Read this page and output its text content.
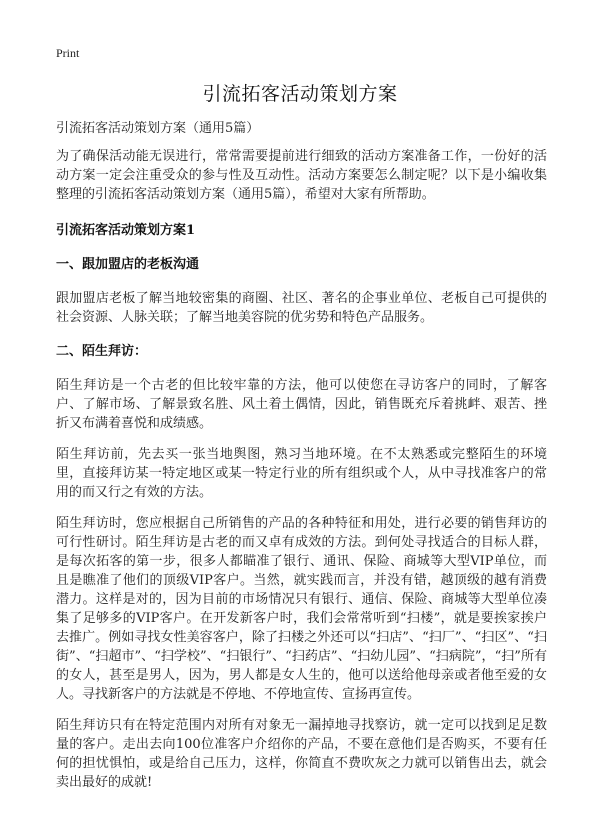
Print
引流拓客活动策划方案

引流拓客活动策划方案（通用5篇）

为了确保活动能无误进行，常常需要提前进行细致的活动方案准备工作，一份好的活动方案一定会注重受众的参与性及互动性。活动方案要怎么制定呢？以下是小编收集整理的引流拓客活动策划方案（通用5篇），希望对大家有所帮助。

引流拓客活动策划方案1
一、跟加盟店的老板沟通

跟加盟店老板了解当地较密集的商圈、社区、著名的企事业单位、老板自己可提供的社会资源、人脉关联；了解当地美容院的优劣势和特色产品服务。

二、陌生拜访：

陌生拜访是一个古老的但比较牢靠的方法，他可以使您在寻访客户的同时，了解客户、了解市场、了解景致名胜、风土着土偶情，因此，销售既充斥着挑衅、艰苦、挫折又布满着喜悦和成绩感。

陌生拜访前，先去买一张当地舆图，熟习当地环境。在不太熟悉或完整陌生的环境里，直接拜访某一特定地区或某一特定行业的所有组织或个人，从中寻找准客户的常用的而又行之有效的方法。

陌生拜访时，您应根据自己所销售的产品的各种特征和用处，进行必要的销售拜访的可行性研讨。陌生拜访是古老的而又卓有成效的方法。到何处寻找适合的目标人群，是每次拓客的第一步，很多人都瞄准了银行、通讯、保险、商城等大型VIP单位，而且是瞧准了他们的顶级VIP客户。当然，就实践而言，并没有错，越顶级的越有消费潜力。这样是对的，因为目前的市场情况只有银行、通信、保险、商城等大型单位凑集了足够多的VIP客户。在开发新客户时，我们会常常听到“扫楼”，就是要挨家挨户去推广。例如寻找女性美容客户，除了扫楼之外还可以“扫店”、“扫厂”、“扫区”、“扫街”、“扫超市”、“扫学校”、“扫银行”、“扫药店”、“扫幼儿园”、“扫病院”，“扫”所有的女人，甚至是男人，因为，男人都是女人生的，他可以送给他母亲或者他至爱的女人。寻找新客户的方法就是不停地、不停地宣传、宣扬再宣传。

陌生拜访只有在特定范围内对所有对象无一漏掉地寻找察访，就一定可以找到足足数量的客户。走出去向100位准客户介绍你的产品，不要在意他们是否购买，不要有任何的担忧惧怕，或是给自己压力，这样，你简直不费吹灰之力就可以销售出去，就会卖出最好的成就!
